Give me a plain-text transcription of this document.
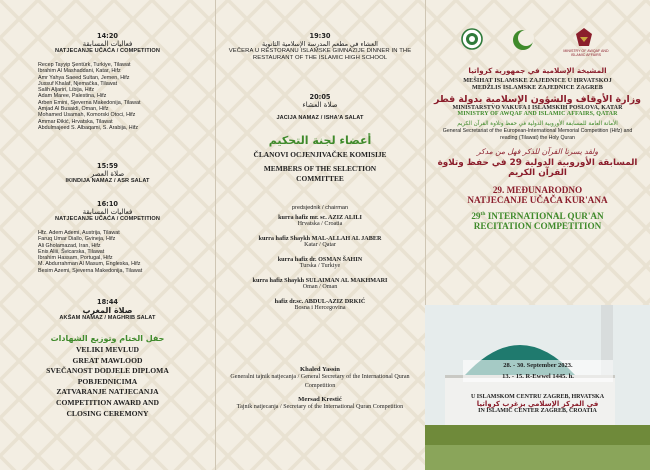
14:20
فعاليات المسابقة
NATJECANJE UČAĆA / COMPETITION
Recep Tayyip Şentürk, Turkiye, Tilawat
Ibrahim Al Mashaddani, Katar, Hifz
Amr Yahya Saeed Sultan, Jemen, Hifz
Jussuf Khalaf, Njemačka, Tilawat
Salih Aljariri, Libija, Hifz
Adam Maree, Palestina, Hifz
Arben Emini, Sjeverna Makedonija, Tilawat
Amjad Al Busaidi, Oman, Hifz
Mohamed Usamah, Komorski Otoci, Hifz
Ammar Đikić, Hrvatska, Tilawat
Abdulmajeed S. Albaqami, S. Arabija, Hifz
15:59
صلاة العصر
IKINDIJA NAMAZ / ASR SALAT
16:10
فعاليات المسابقة
NATJECANJE UČAĆA / COMPETITION
Hfz. Adem Ademi, Austrija, Tilawat
Faruq Umar Diallo, Gvineja, Hifz
Ali Gholamazad, Iran, Hifz
Enis Aliii, Švicarska, Tilawat
Ibrahim Hassam, Portugal, Hifz
M. Abdurrahman Al Masum, Engleska, Hifz
Besim Azemi, Sjeverna Makedonija, Tilawat
18:44
صلاة المغرب
AKŠAM NAMAZ / MAGHRIB SALAT
حفل الختام وتوزيع الشهادات
VELIKI MEVLUD
GREAT MAWLOOD
SVEČANOST DODJELE DIPLOMA
POBJEDNICIMA
ZATVARANJE NATJECANJA
COMPETITION AWARD AND
CLOSING CEREMONY
19:30
العشاء في مطعم المدرسة الإسلامية الثانوية
VEČERA U RESTORANU ISLAMSKE GIMNAZIJE DINNER IN THE RESTAURANT OF THE ISLAMIC HIGH SCHOOL
20:05
صلاة العشاء
JACIJA NAMAZ / ISHA'A SALAT
أعضاء لجنة التحكيم
ČLANOVI OCJENJIVAČKE KOMISIJE
MEMBERS OF THE SELECTION COMMITTEE
predsjednik / chairman
kurra hafiz mr. sc. AZIZ ALILI
Hrvatska / Croatia
kurra hafiz Shaykh MAL-ALLAH AL JABER
Katar / Qatar
kurra hafiz dr. OSMAN ŠAHIN
Turska / Turkiye
kurra hafiz Shaykh SULAIMAN AL MAKHMARI
Oman / Oman
hafiz dr.sc. ABDUL-AZIZ DRKIĆ
Bosna i Hercegovina
Khaled Yassin
Generalni tajnik natjecanja / General Secretary of the International Quran Competition
Mersad Krestić
Tajnik natjecanja / Secretary of the International Quran Competition
MINISTRY OF AWQAF AND ISLAMIC AFFAIRS
المشيخة الإسلامية في جمهورية كرواتيا
MEŠIHAT ISLAMSKE ZAJEDNICE U HRVATSKOJ
MEDŽLIS ISLAMSKE ZAJEDNICE ZAGREB
وزارة الأوقاف والشؤون الإسلامية بدولة قطر
MINISTARSTVO VAKUFA I ISLAMSKIH POSLOVA, KATAR
MINISTRY OF AWQAF AND ISLAMIC AFFAIRS, QATAR
الأمانة العامة للمسابقة الأوروبية الدولية في حفظ وتلاوة القرآن الكريم
General Secretariat of the European-International Memorial Competition (Hifz) and reading (Tilawat) the Holy Quran
ولقد يسرنا القرآن للذكر فهل من مدكر
المسابقة الأوروبية الدولية 29 في حفظ وتلاوة القرآن الكريم
29. MEĐUNARODNO
NATJECANJE UČAČA KUR'ANA
29th INTERNATIONAL QUR'AN
RECITATION COMPETITION
28. - 30. September 2023.
13. - 15. R-Ewwel 1445. h.
U ISLAMSKOM CENTRU ZAGREB, HRVATSKA
في المركز الإسلامي بزغرب كرواتيا
IN ISLAMIC CENTER ZAGREB, CROATIA
